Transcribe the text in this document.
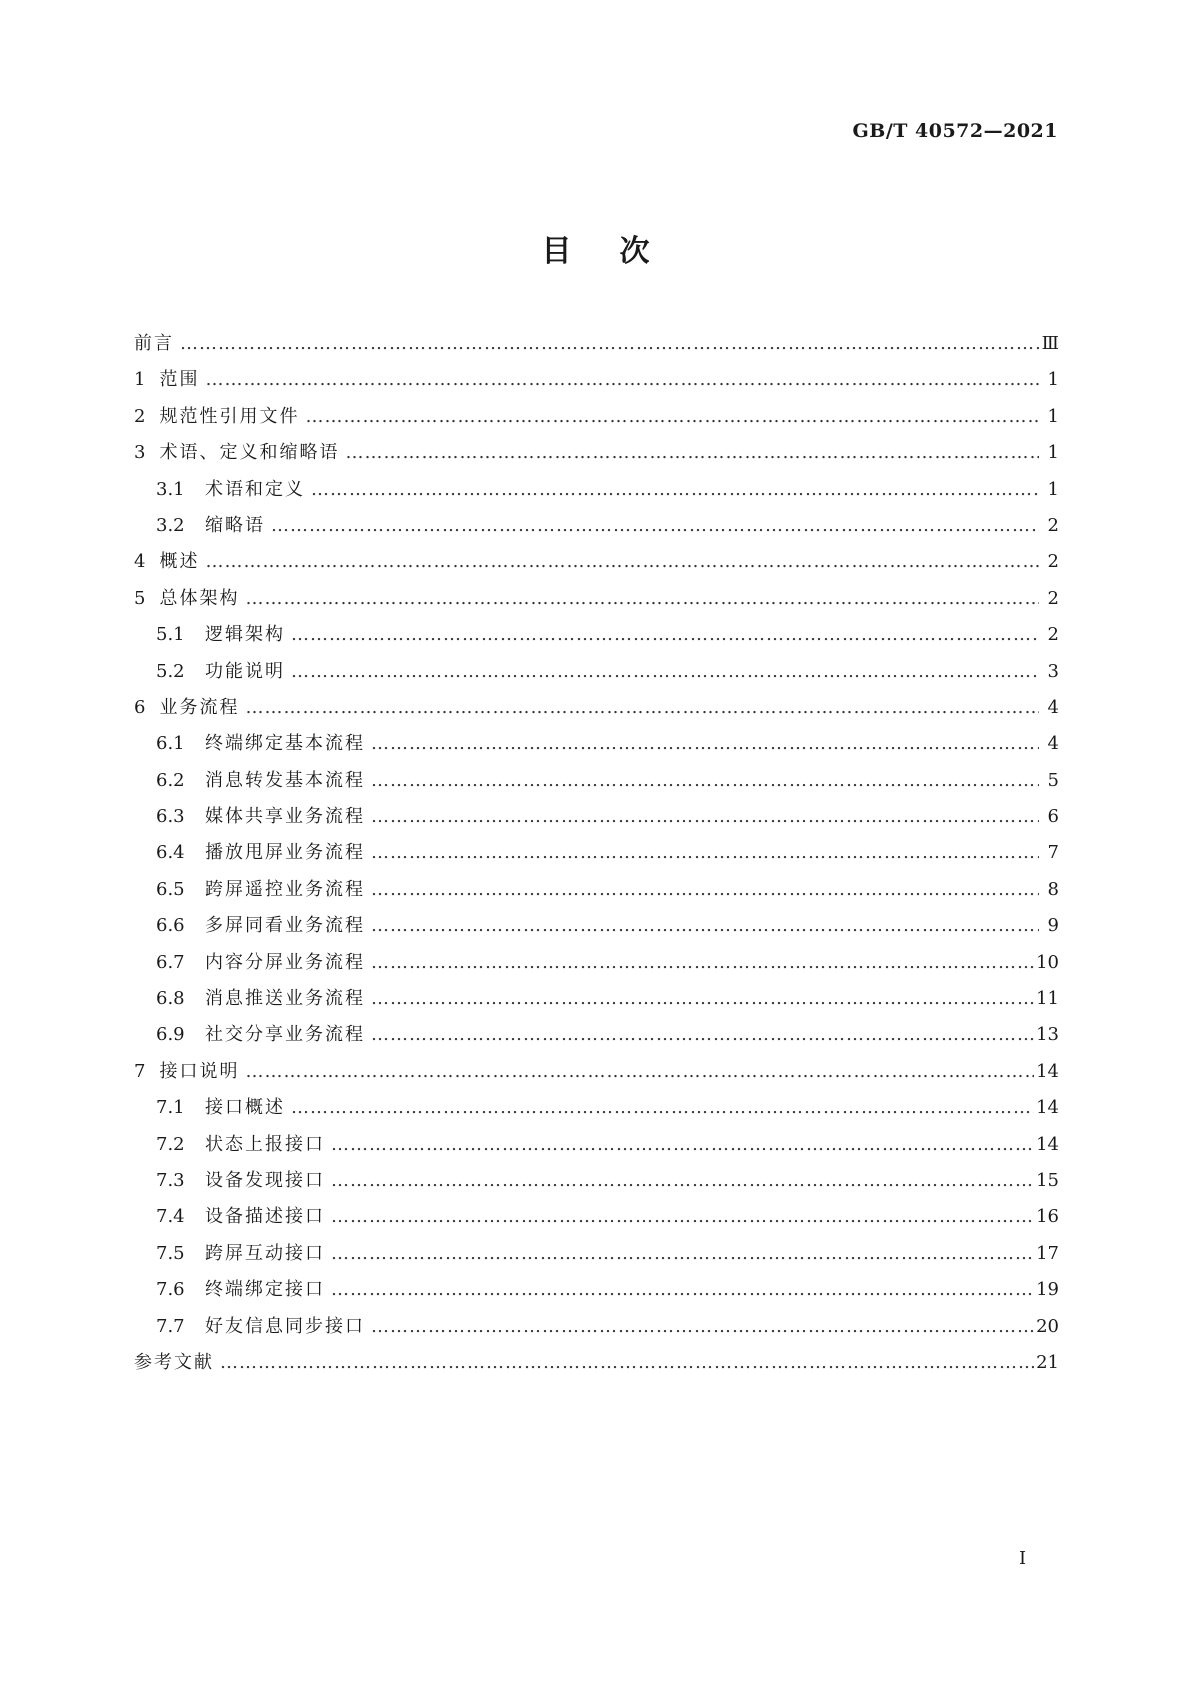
GB/T 40572—2021
目次
前言 …………………………………………………………………………………………………………………………………………………………………………………………………………………………	Ⅲ
1 范围 …………………………………………………………………………………………………………………………………………………………………………………………………………………………	1
2 规范性引用文件 …………………………………………………………………………………………………………………………………………………………………………………………………………………………	1
3 术语、定义和缩略语 …………………………………………………………………………………………………………………………………………………………………………………………………………………………	1
3.1	术语和定义 …………………………………………………………………………………………………………………………………………………………………………………………………………………………	1
3.2	缩略语 …………………………………………………………………………………………………………………………………………………………………………………………………………………………	2
4 概述 …………………………………………………………………………………………………………………………………………………………………………………………………………………………	2
5 总体架构 …………………………………………………………………………………………………………………………………………………………………………………………………………………………	2
5.1	逻辑架构 …………………………………………………………………………………………………………………………………………………………………………………………………………………………	2
5.2	功能说明 …………………………………………………………………………………………………………………………………………………………………………………………………………………………	3
6 业务流程 …………………………………………………………………………………………………………………………………………………………………………………………………………………………	4
6.1	终端绑定基本流程 …………………………………………………………………………………………………………………………………………………………………………………………………………………………	4
6.2	消息转发基本流程 …………………………………………………………………………………………………………………………………………………………………………………………………………………………	5
6.3	媒体共享业务流程 …………………………………………………………………………………………………………………………………………………………………………………………………………………………	6
6.4	播放甩屏业务流程 …………………………………………………………………………………………………………………………………………………………………………………………………………………………	7
6.5	跨屏遥控业务流程 …………………………………………………………………………………………………………………………………………………………………………………………………………………………	8
6.6	多屏同看业务流程 …………………………………………………………………………………………………………………………………………………………………………………………………………………………	9
6.7	内容分屏业务流程 …………………………………………………………………………………………………………………………………………………………………………………………………………………………	10
6.8	消息推送业务流程 …………………………………………………………………………………………………………………………………………………………………………………………………………………………	11
6.9	社交分享业务流程 …………………………………………………………………………………………………………………………………………………………………………………………………………………………	13
7 接口说明 …………………………………………………………………………………………………………………………………………………………………………………………………………………………	14
7.1	接口概述 …………………………………………………………………………………………………………………………………………………………………………………………………………………………	14
7.2	状态上报接口 …………………………………………………………………………………………………………………………………………………………………………………………………………………………	14
7.3	设备发现接口 …………………………………………………………………………………………………………………………………………………………………………………………………………………………	15
7.4	设备描述接口 …………………………………………………………………………………………………………………………………………………………………………………………………………………………	16
7.5	跨屏互动接口 …………………………………………………………………………………………………………………………………………………………………………………………………………………………	17
7.6	终端绑定接口 …………………………………………………………………………………………………………………………………………………………………………………………………………………………	19
7.7	好友信息同步接口 …………………………………………………………………………………………………………………………………………………………………………………………………………………………	20
参考文献 …………………………………………………………………………………………………………………………………………………………………………………………………………………………	21
I
